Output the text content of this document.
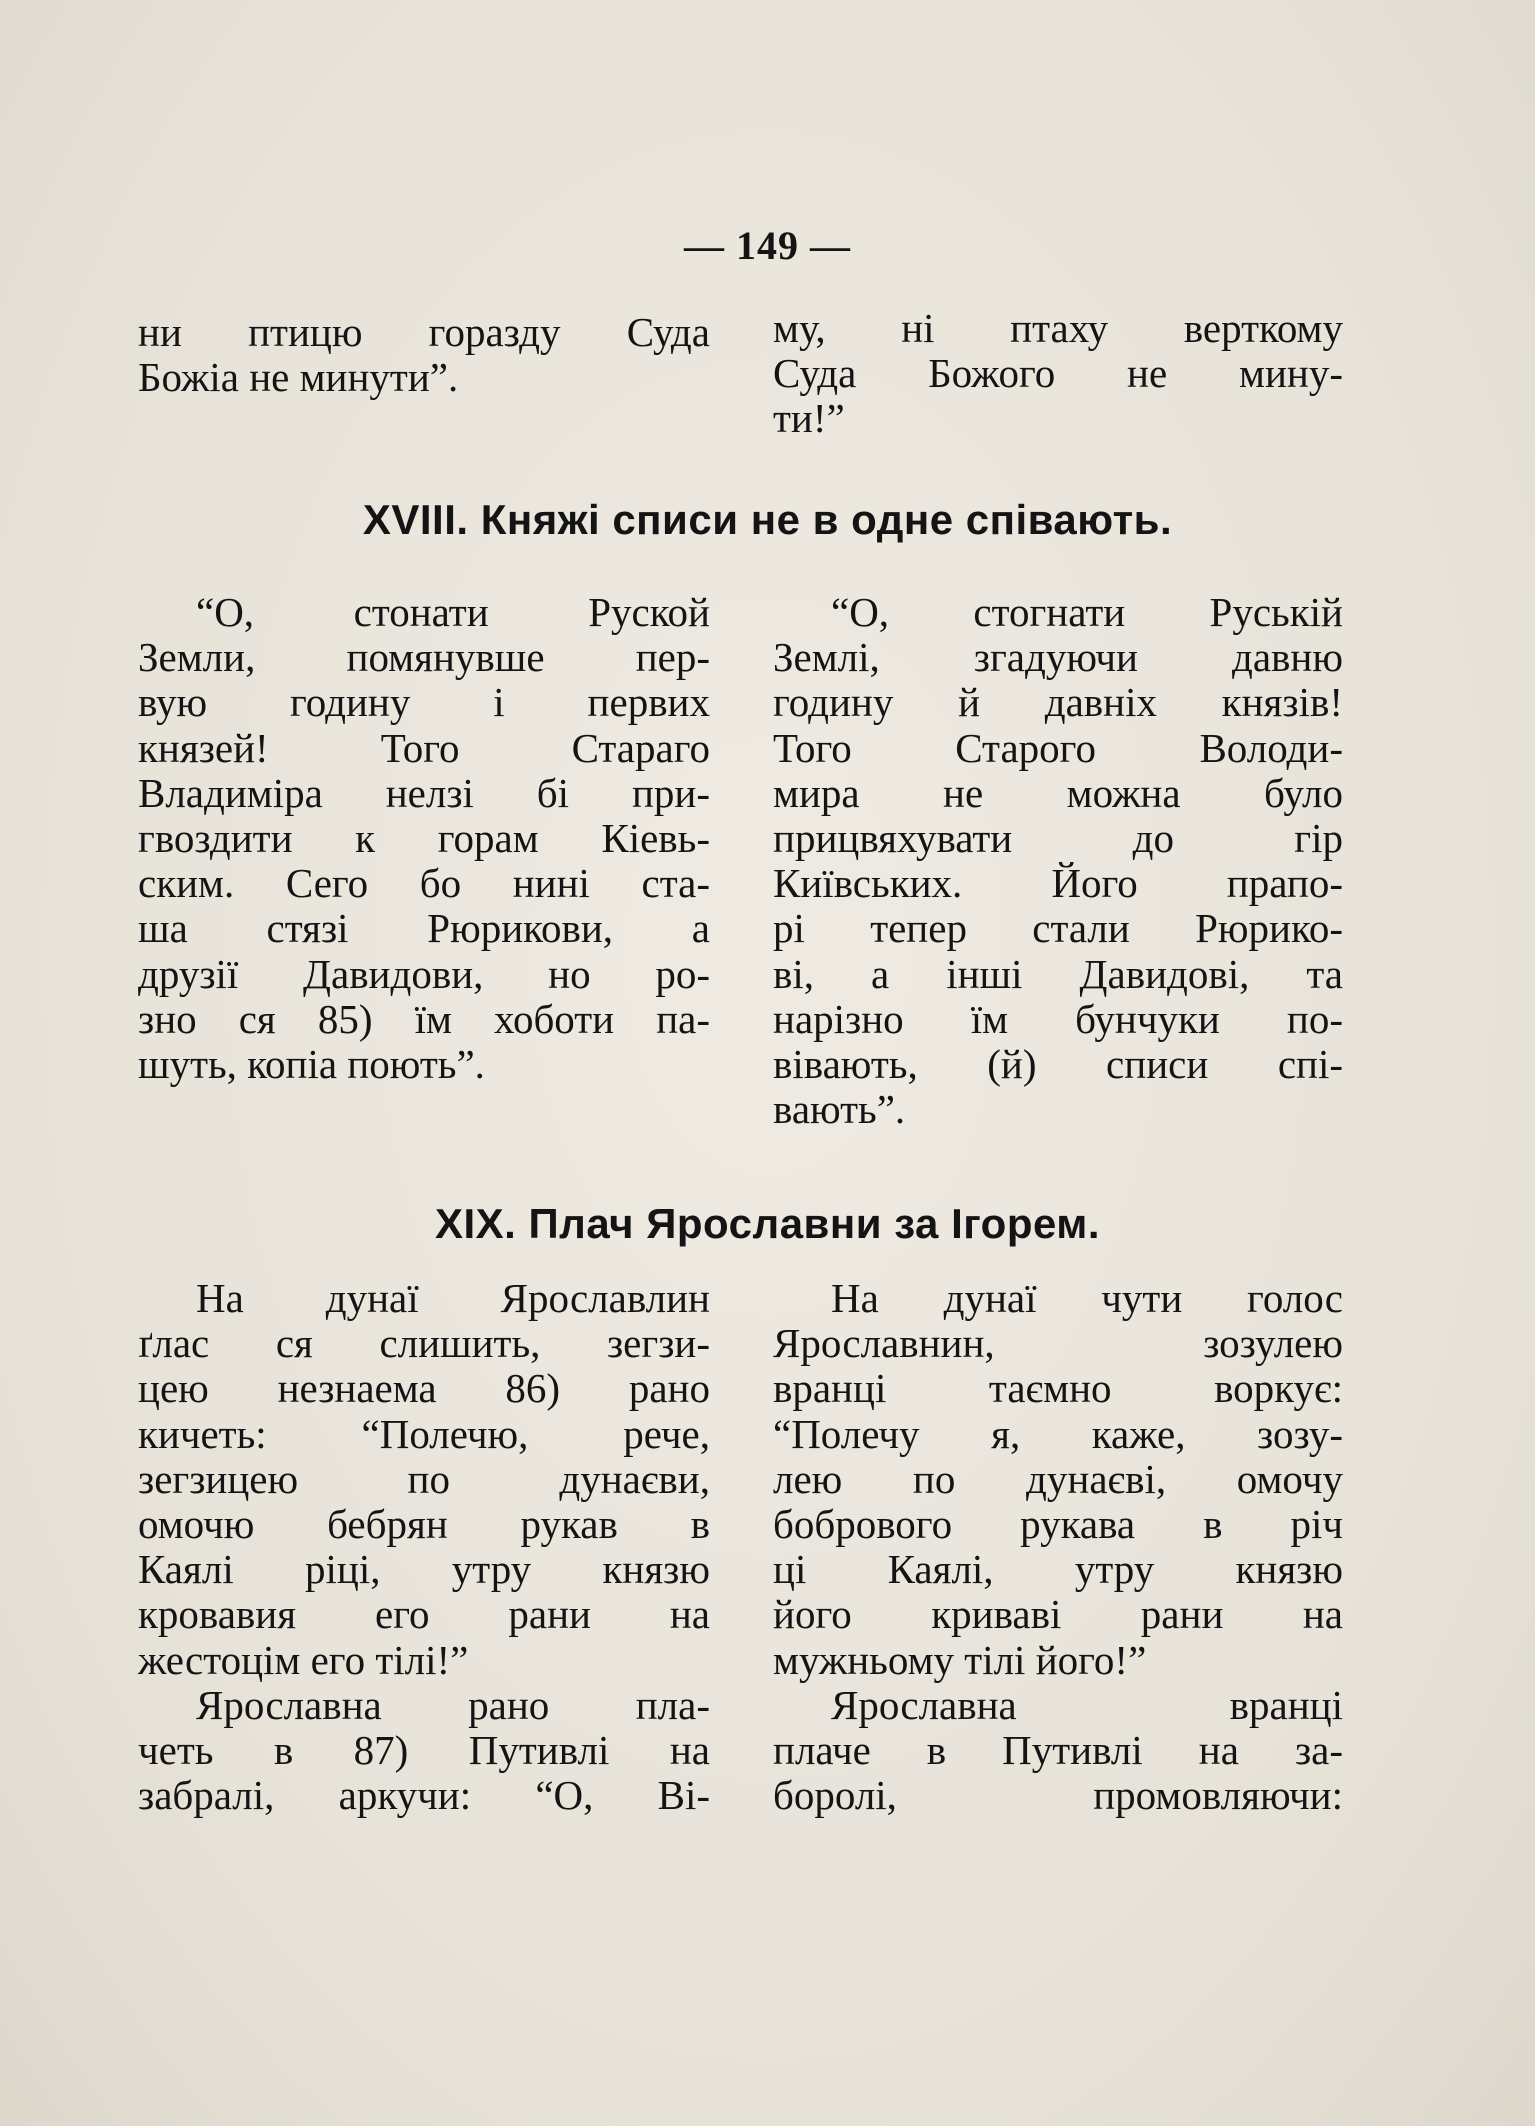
— 149 —
ни птицю горазду Суда
Божіа не минути”.
му, ні птаху верткому
Суда Божого не мину-
ти!”
XVIII. Княжі списи не в одне співають.
“О, стонати Руской
Земли, помянувше пер-
вую годину і первих
князей! Того Стараго
Владиміра нелзі бі при-
гвоздити к горам Кіевь-
ским. Сего бо нині ста-
ша стязі Рюрикови, а
друзії Давидови, но ро-
зно ся 85) їм хоботи па-
шуть, копіа поють”.
“О, стогнати Руській
Землі, згадуючи давню
годину й давніх князів!
Того Старого Володи-
мира не можна було
прицвяхувати до гір
Київських. Його прапо-
рі тепер стали Рюрико-
ві, а інші Давидові, та
нарізно їм бунчуки по-
вівають, (й) списи спі-
вають”.
XIX. Плач Ярославни за Ігорем.
На дунаї Ярославлин
ґлас ся слишить, зегзи-
цею незнаема 86) рано
кичеть: “Полечю, рече,
зегзицею по дунаєви,
омочю бебрян рукав в
Каялі ріці, утру князю
кровавия его рани на
жестоцім его тілі!”
Ярославна рано пла-
четь в 87) Путивлі на
забралі, аркучи: “О, Ві-
На дунаї чути голос
Ярославнин, зозулею
вранці таємно воркує:
“Полечу я, каже, зозу-
лею по дунаєві, омочу
бобрового рукава в річ
ці Каялі, утру князю
його криваві рани на
мужньому тілі його!”
Ярославна вранці
плаче в Путивлі на за-
боролі, промовляючи:
